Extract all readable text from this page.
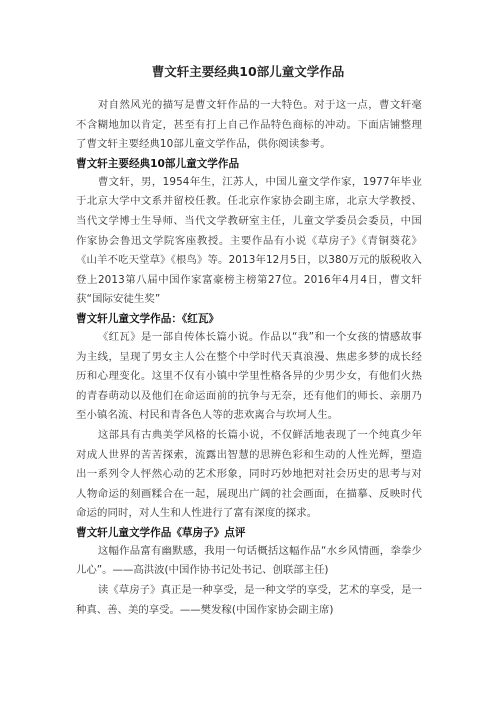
曹文轩主要经典10部儿童文学作品

对自然风光的描写是曹文轩作品的一大特色。对于这一点，曹文轩毫不含糊地加以肯定，甚至有打上自己作品特色商标的冲动。下面店铺整理了曹文轩主要经典10部儿童文学作品，供你阅读参考。

曹文轩主要经典10部儿童文学作品

曹文轩，男，1954年生，江苏人，中国儿童文学作家，1977年毕业于北京大学中文系并留校任教。任北京作家协会副主席，北京大学教授、当代文学博士生导师、当代文学教研室主任，儿童文学委员会委员，中国作家协会鲁迅文学院客座教授。主要作品有小说《草房子》《青铜葵花》《山羊不吃天堂草》《根鸟》等。2013年12月5日，以380万元的版税收入登上2013第八届中国作家富豪榜主榜第27位。2016年4月4日，曹文轩获“国际安徒生奖”

曹文轩儿童文学作品：《红瓦》

《红瓦》是一部自传体长篇小说。作品以“我”和一个女孩的情感故事为主线，呈现了男女主人公在整个中学时代天真浪漫、焦虑多梦的成长经历和心理变化。这里不仅有小镇中学里性格各异的少男少女，有他们火热的青春萌动以及他们在命运面前的抗争与无奈，还有他们的师长、亲朋乃至小镇名流、村民和青各色人等的悲欢离合与坎坷人生。

这部具有古典美学风格的长篇小说，不仅鲜活地表现了一个纯真少年对成人世界的苦苦探索，流露出智慧的思辨色彩和生动的人性光辉，塑造出一系列令人怦然心动的艺术形象，同时巧妙地把对社会历史的思考与对人物命运的刻画糅合在一起，展现出广阔的社会画面，在描摹、反映时代命运的同时，对人生和人性进行了富有深度的探求。

曹文轩儿童文学作品《草房子》点评

这幅作品富有幽默感，我用一句话概括这幅作品“水乡风情画，拳拳少儿心”。——高洪波(中国作协书记处书记、创联部主任)

读《草房子》真正是一种享受，是一种文学的享受，艺术的享受，是一种真、善、美的享受。——樊发稼(中国作家协会副主席)
